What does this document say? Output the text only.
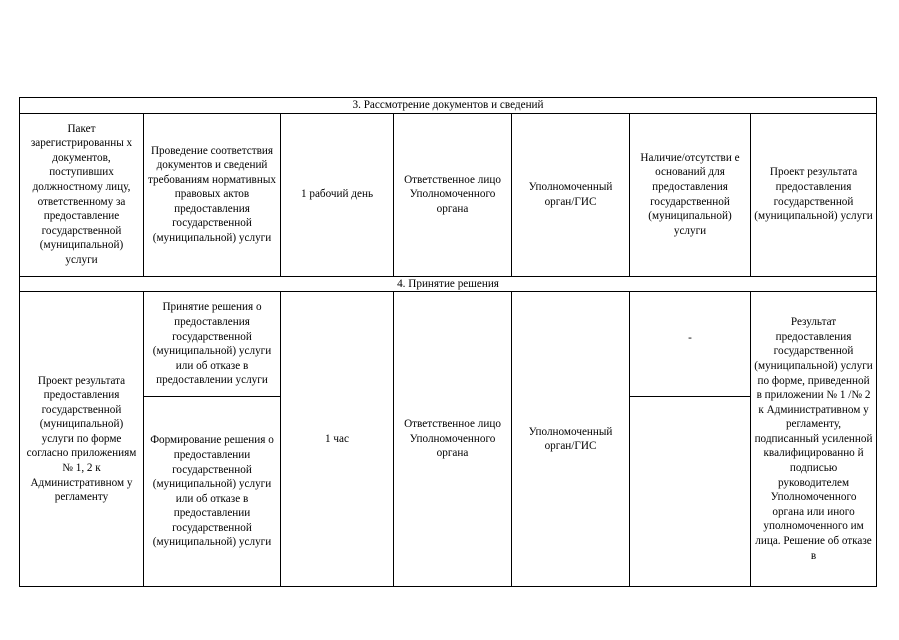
3. Рассмотрение документов и сведений						
Пакет зарегистрированны х документов, поступивших должностному лицу, ответственному за предоставление государственной (муниципальной) услуги	Проведение соответствия документов и сведений требованиям нормативных правовых актов предоставления государственной (муниципальной) услуги	1 рабочий день	Ответственное лицо Уполномоченного органа	Уполномоченный орган/ГИС	Наличие/отсутстви е оснований для предоставления государственной (муниципальной) услуги	Проект результата предоставления государственной (муниципальной) услуги
4. Принятие решения						
Проект результата предоставления государственной (муниципальной) услуги по форме согласно приложениям № 1, 2 к Административном у регламенту	Принятие решения о предоставления государственной (муниципальной) услуги или об отказе в предоставлении услуги	1 час	Ответственное лицо Уполномоченного органа	Уполномоченный орган/ГИС	-	Результат предоставления государственной (муниципальной) услуги по форме, приведенной в приложении № 1 /№ 2 к Административном у регламенту, подписанный усиленной квалифицированно й подписью руководителем Уполномоченного органа или иного уполномоченного им лица. Решение об отказе в
	Формирование решения о предоставлении государственной (муниципальной) услуги или об отказе в предоставлении государственной (муниципальной) услуги					
